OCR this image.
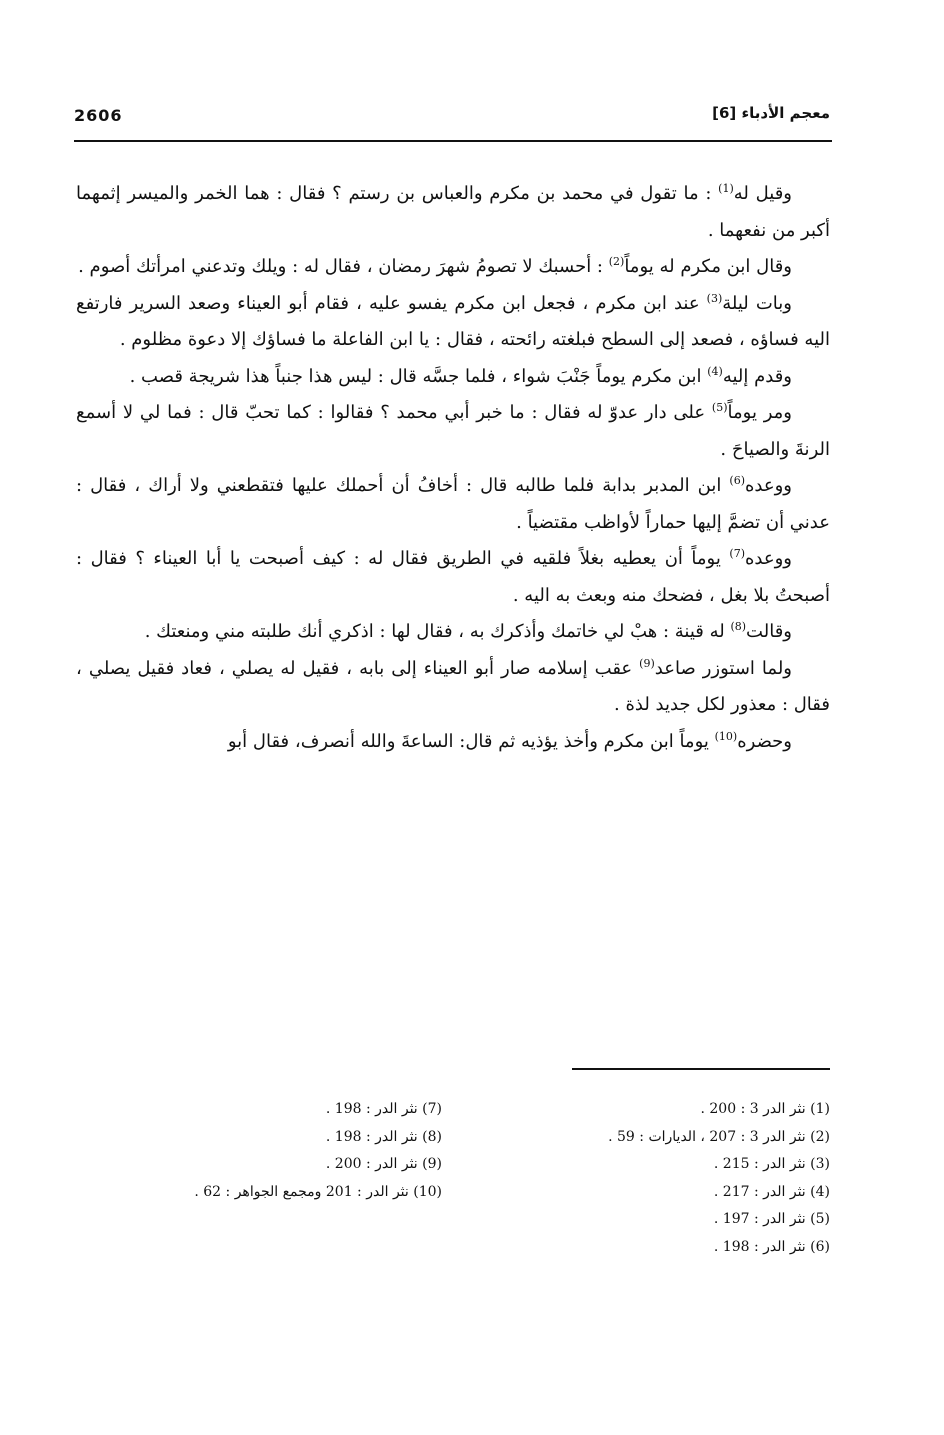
2606	معجم الأدباء [6]

وقيل له$^{(1)}$ : ما تقول في محمد بن مكرم والعباس بن رستم ؟ فقال : هما الخمر والميسر إثمهما أكبر من نفعهما .

وقال ابن مكرم له يوماً$^{(2)}$ : أحسبك لا تصومُ شهرَ رمضان ، فقال له : ويلك وتدعني امرأتك أصوم .

وبات ليلة$^{(3)}$ عند ابن مكرم ، فجعل ابن مكرم يفسو عليه ، فقام أبو العيناء وصعد السرير فارتفع اليه فساؤه ، فصعد إلى السطح فبلغته رائحته ، فقال : يا ابن الفاعلة ما فساؤك إلا دعوة مظلوم .

وقدم إليه$^{(4)}$ ابن مكرم يوماً جَنْبَ شواء ، فلما جسَّه قال : ليس هذا جنباً هذا شريجة قصب .

ومر يوماً$^{(5)}$ على دار عدوّ له فقال : ما خبر أبي محمد ؟ فقالوا : كما تحبّ قال : فما لي لا أسمع الرنةَ والصياحَ .

ووعده$^{(6)}$ ابن المدبر بدابة فلما طالبه قال : أخافُ أن أحملك عليها فتقطعني ولا أراك ، فقال : عدني أن تضمَّ إليها حماراً لأواظب مقتضياً .

ووعده$^{(7)}$ يوماً أن يعطيه بغلاً فلقيه في الطريق فقال له : كيف أصبحت يا أبا العيناء ؟ فقال : أصبحتُ بلا بغل ، فضحك منه وبعث به اليه .

وقالت$^{(8)}$ له قينة : هبْ لي خاتمك وأذكرك به ، فقال لها : اذكري أنك طلبته مني ومنعتك .

ولما استوزر صاعد$^{(9)}$ عقب إسلامه صار أبو العيناء إلى بابه ، فقيل له يصلي ، فعاد فقيل يصلي ، فقال : معذور لكل جديد لذة .

وحضره$^{(10)}$ يوماً ابن مكرم وأخذ يؤذيه ثم قال: الساعةَ والله أنصرف، فقال أبو

(1) نثر الدر 3 : 200 .
(2) نثر الدر 3 : 207 ، الديارات : 59 .
(3) نثر الدر : 215 .
(4) نثر الدر : 217 .
(5) نثر الدر : 197 .
(6) نثر الدر : 198 .
(7) نثر الدر : 198 .
(8) نثر الدر : 198 .
(9) نثر الدر : 200 .
(10) نثر الدر : 201 ومجمع الجواهر : 62 .
